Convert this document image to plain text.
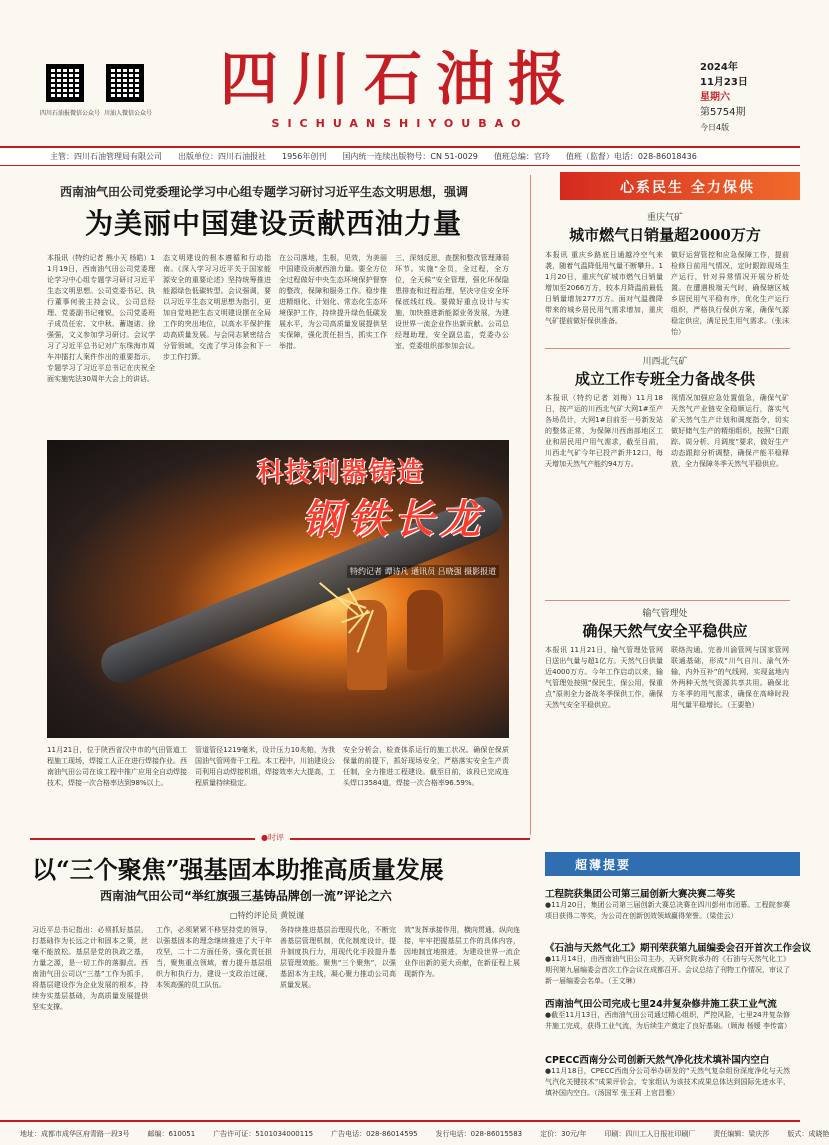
四川石油报微信公众号 川油人微信公众号
四川石油报
SICHUANSHIYOUBAO
2024年
11月23日
星期六
第5754期
今日4版
主管：四川石油管理局有限公司 出版单位：四川石油报社 1956年创刊 国内统一连续出版物号：CN 51-0029 值班总编：官玲 值班（监督）电话：028-86018436
西南油气田公司党委理论学习中心组专题学习研讨习近平生态文明思想，强调
为美丽中国建设贡献西油力量
本报讯（特约记者 熊小天 杨皓）11月19日，西南油气田公司党委理论学习中心组专题学习研讨习近平生态文明思想。公司党委书记、执行董事何骏主持会议，公司总经理、党委副书记雍锐，公司党委班子成员任宏、文中秋、蓄迦诺、徐强强，文义参加学习研讨。会议学习了习近平总书记对广东珠海市周车冲擂打人案件作出的重要指示，专题学习了习近平总书记在庆祝全面实施宪法30周年大会上的讲话。
态文明建设的根本遵循和行动指南。《深入学习习近平关于国家能源安全的重要论述》坚持统筹推进能源绿色低碳转型。会议强调，要以习近平生态文明思想为指引，更加自觉地把生态文明建设摆在全局工作的突出地位，以高水平保护推动高质量发展。与会同志紧密结合分管领域，交流了学习体会和下一步工作打算。
在公司落地，生根，见效，为美丽中国建设贡献西油力量。要全方位全过程做好中央生态环境保护督察的整改，保障和服务工作。稳步推进精细化、计划化、常态化生态环境保护工作，持续提升绿色低碳发展水平，为公司高质量发展提供坚实保障，强化责任担当，抓实工作举措。
三，深刻反思，查摆和整改管理薄弱环节。实施“全员，全过程，全方位，全天候”安全管理，强化环保隐患排查和过程治理，坚决守住安全环保底线红线。要做好重点设计与实施，加快推进新能源业务发展，为建设世界一流企业作出新贡献。公司总经理助理，安全副总监，党委办公室，党委组织部参加会议。
科技利器铸造
钢铁长龙
特约记者 谭诗凡 通讯员 吕晓强 摄影报道
11月21日，位于陕西省汉中市的气田管道工程施工现场，焊接工人正在进行焊接作业。西南油气田公司在该工程中推广应用全自动焊接技术，焊接一次合格率达到98%以上。
管道管径1219毫米，设计压力10兆帕，为我国油气管网骨干工程。本工程中，川油建设公司利用自动焊接机组，焊接效率大大提高，工程质量持续稳定。
安全分析会，检查体系运行的施工状况。确保在保质保量的前提下，抓好现场安全，严格落实安全生产责任制，全力推进工程建设。截至目前，该段已完成连头焊口3584道，焊接一次合格率96.59%。
心系民生 全力保供
重庆气矿
城市燃气日销量超2000万方
本报讯 重庆乡路底日通越冷空气来袭，随着气温降低用气量不断攀升。11月20日，重庆气矿城市燃气日销量增加至2066万方，较本月降温前最低日销量增加277万方。面对气温骤降带来的城乡居民用气需求增加，重庆气矿提前做好保供准备。
做好运营管控和应急保障工作，提前检修日前用气情况，定时跟踪现场生产运行，针对异常情况开展分析处置。在遭遇极端天气时，确保辖区城乡居民用气平稳有序，优化生产运行组织，严格执行保供方案，确保气源稳定供应，满足民生用气需求。（张沫怡）
川西北气矿
成立工作专班全力备战冬供
本报讯（特约记者 刘梅）11月18日，按产运的川西北气矿大网1#至产各场员计，大网1#目前至一号新发站的整体正常，为保障川西南部地区工业和居民用户用气需求，截至目前，川西北气矿今年已投产新井12口，每天增加天然气产能约94万方。
视情况加强应急处置值急，确保气矿天然气产业链安全稳顺运行，落实气矿天然气生产计划和调度指令，切实做好储气生产的精细组织，按照“日跟踪、周分析、月调度”要求，做好生产动态跟踪分析调整，确保产能平稳释放，全力保障冬季天然气平稳供应。
输气管理处
确保天然气安全平稳供应
本报讯 11月21日，输气管理处管网日送出气量与超1亿方。天然气日供量近4000万方。今年工作启动以来，输气管理处按照“保民生，保公用，保重点”原则全力备战冬季保供工作，确保天然气安全平稳供应。
联络沟通，完善川渝管网与国家管网联通基础，形成“川气自川、渝气外输，内外互补”的气线网，实现盆地内外两种天然气资源共享共用。确保北方冬季的用气需求，确保在高峰时段用气量平稳增长。（王要艳）
●时评
以“三个聚焦”强基固本助推高质量发展
西南油气田公司“举红旗强三基铸品牌创一流”评论之六
□特约评论员 黄锐谨
习近平总书记指出：必须抓好基层，打基础作为长远之计和固本之策，丝毫不能放松。基层是党的执政之基，力量之源，是一切工作的落脚点。西南油气田公司以“三基”工作为抓手，将基层建设作为企业发展的根本，持续夯实基层基础，为高质量发展提供坚实支撑。
工作，必须紧紧不移坚持党的领导，以强基固本的理念继续推进了大干年攻坚，二十二方面任务，强化责任担当，聚焦重点领域，着力提升基层组织力和执行力，建设一支政治过硬、本领高强的员工队伍。
务持续推进基层治理现代化，不断完善基层管理机制，优化制度设计，提升制度执行力，用现代化手段提升基层管理效能。聚焦“三个聚焦”，以强基固本为主线，凝心聚力推动公司高质量发展。
效”发挥承接作用，横向贯通、纵向连接，牢牢把握基层工作的具体内容，因地制宜地推进，为建设世界一流企业作出新的更大贡献，在新征程上展现新作为。
超薄提要
工程院获集团公司第三届创新大赛决赛二等奖
●11月20日，集团公司第三届创新大赛总决赛在四川彭州市闭幕。工程院参赛项目获得二等奖，为公司在创新创效领域赢得荣誉。（梁佳云）
《石油与天然气化工》期刊荣获第九届编委会召开首次工作会议
●11月14日，由西南油气田公司主办，天研究院承办的《石油与天然气化工》期刊第九届编委会首次工作会议在成都召开。会议总结了刊物工作情况，审议了新一届编委会名单。（王文琳）
西南油气田公司完成七里24井复杂修井施工获工业气流
●截至11月13日，西南油气田公司通过精心组织，严控风险，七里24井复杂修井施工完成，获得工业气流，为后续生产奠定了良好基础。（顾海 杨嫒 李传富）
CPECC西南分公司创新天然气净化技术填补国内空白
●11月18日，CPECC西南分公司举办研发的“天然气复杂组份深度净化与天然气汽化关键技术”成果评价会，专家组认为该技术成果总体达到国际先进水平，填补国内空白。（汤国军 张玉莉 上官昌雅）
地址：成都市成华区府青路一段3号	邮编：610051	广告许可证：5101034000115	广告电话：028-86014595	发行电话：028-86015583	定价：30元/年	印刷：四川工人日报社印刷厂	责任编辑：梁庆莎	版式：成晓艳
